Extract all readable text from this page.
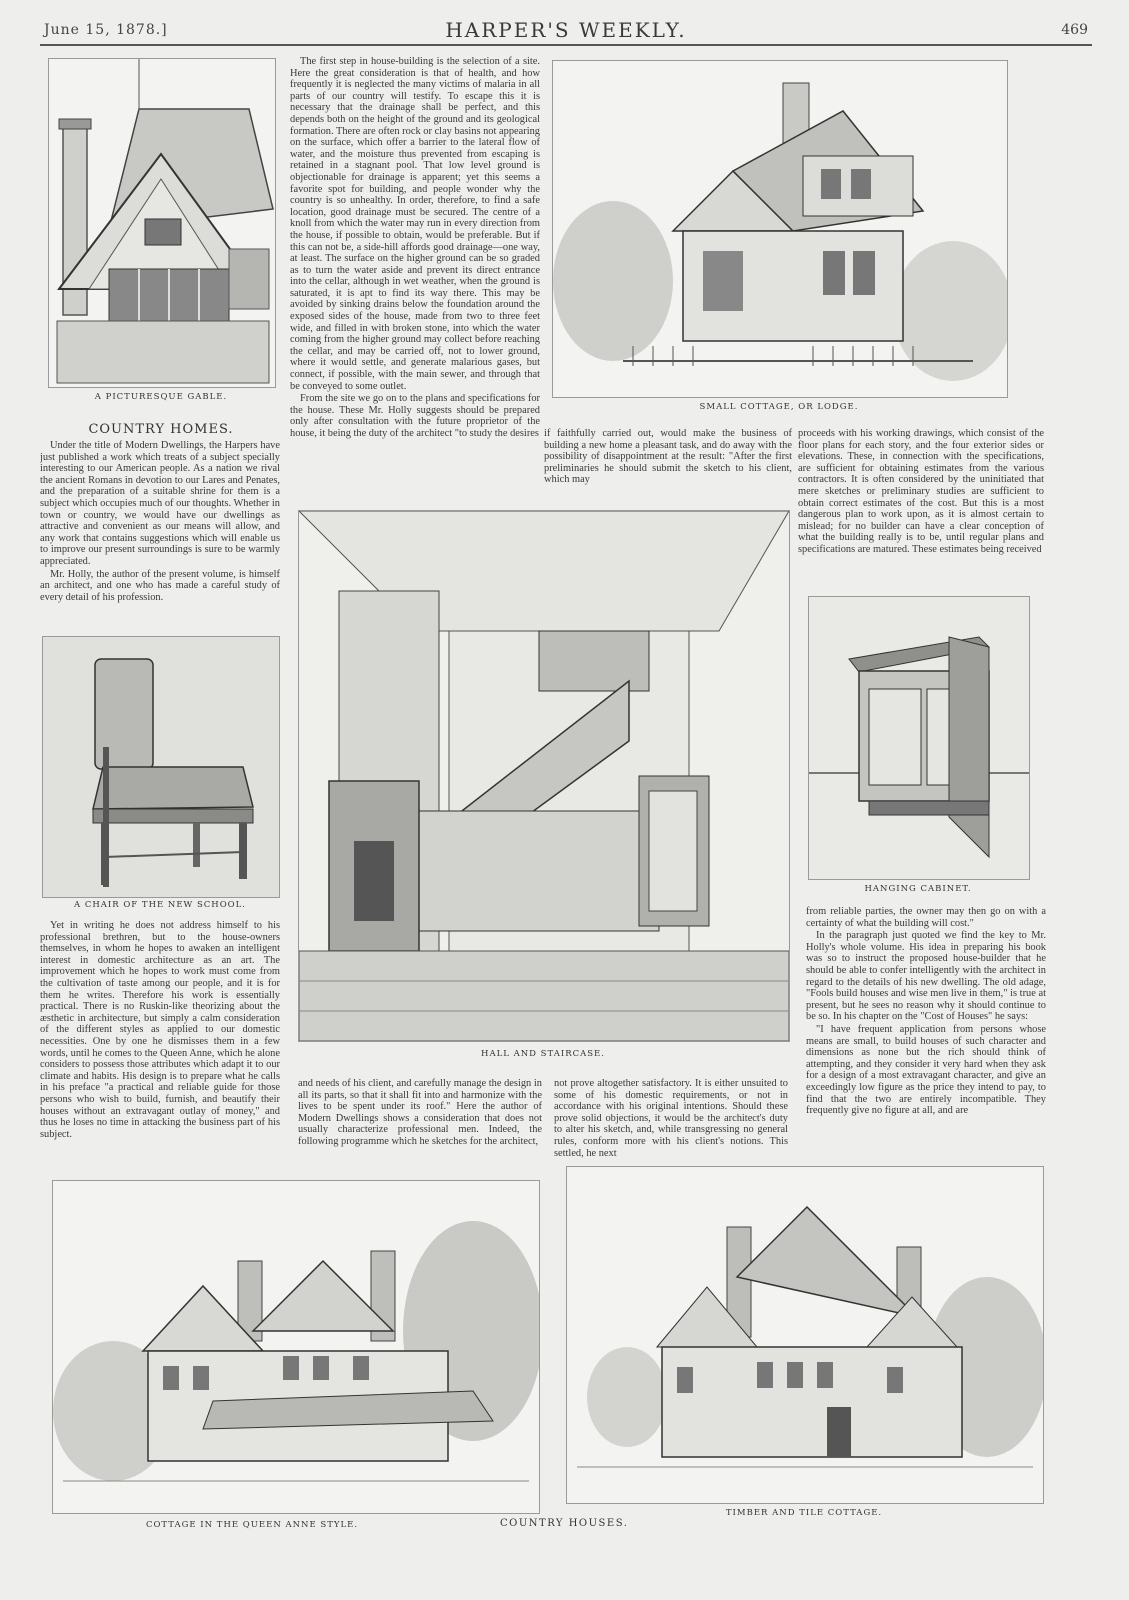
June 15, 1878.]	HARPER'S WEEKLY.	469
A PICTURESQUE GABLE.
COUNTRY HOMES.

Under the title of Modern Dwellings, the Harpers have just published a work which treats of a subject specially interesting to our American people. As a nation we rival the ancient Romans in devotion to our Lares and Penates, and the preparation of a suitable shrine for them is a subject which occupies much of our thoughts. Whether in town or country, we would have our dwellings as attractive and convenient as our means will allow, and any work that contains suggestions which will enable us to improve our present surroundings is sure to be warmly appreciated.

Mr. Holly, the author of the present volume, is himself an architect, and one who has made a careful study of every detail of his profession.

A CHAIR OF THE NEW SCHOOL.

Yet in writing he does not address himself to his professional brethren, but to the house-owners themselves, in whom he hopes to awaken an intelligent interest in domestic architecture as an art. The improvement which he hopes to work must come from the cultivation of taste among our people, and it is for them he writes. Therefore his work is essentially practical. There is no Ruskin-like theorizing about the æsthetic in architecture, but simply a calm consideration of the different styles as applied to our domestic necessities. One by one he dismisses them in a few words, until he comes to the Queen Anne, which he alone considers to possess those attributes which adapt it to our climate and habits. His design is to prepare what he calls in his preface "a practical and reliable guide for those persons who wish to build, furnish, and beautify their houses without an extravagant outlay of money," and thus he loses no time in attacking the business part of his subject.

The first step in house-building is the selection of a site. Here the great consideration is that of health, and how frequently it is neglected the many victims of malaria in all parts of our country will testify. To escape this it is necessary that the drainage shall be perfect, and this depends both on the height of the ground and its geological formation. There are often rock or clay basins not appearing on the surface, which offer a barrier to the lateral flow of water, and the moisture thus prevented from escaping is retained in a stagnant pool. That low level ground is objectionable for drainage is apparent; yet this seems a favorite spot for building, and people wonder why the country is so unhealthy. In order, therefore, to find a safe location, good drainage must be secured. The centre of a knoll from which the water may run in every direction from the house, if possible to obtain, would be preferable. But if this can not be, a side-hill affords good drainage—one way, at least. The surface on the higher ground can be so graded as to turn the water aside and prevent its direct entrance into the cellar, although in wet weather, when the ground is saturated, it is apt to find its way there. This may be avoided by sinking drains below the foundation around the exposed sides of the house, made from two to three feet wide, and filled in with broken stone, into which the water coming from the higher ground may collect before reaching the cellar, and may be carried off, not to lower ground, where it would settle, and generate malarious gases, but connect, if possible, with the main sewer, and through that be conveyed to some outlet.

From the site we go on to the plans and specifications for the house. These Mr. Holly suggests should be prepared only after consultation with the future proprietor of the house, it being the duty of the architect "to study the desires

SMALL COTTAGE, OR LODGE.

if faithfully carried out, would make the business of building a new home a pleasant task, and do away with the possibility of disappointment at the result: "After the first preliminaries he should submit the sketch to his client, which may

proceeds with his working drawings, which consist of the floor plans for each story, and the four exterior sides or elevations. These, in connection with the specifications, are sufficient for obtaining estimates from the various contractors. It is often considered by the uninitiated that mere sketches or preliminary studies are sufficient to obtain correct estimates of the cost. But this is a most dangerous plan to work upon, as it is almost certain to mislead; for no builder can have a clear conception of what the building really is to be, until regular plans and specifications are matured. These estimates being received

HALL AND STAIRCASE.
HANGING CABINET.

from reliable parties, the owner may then go on with a certainty of what the building will cost."

In the paragraph just quoted we find the key to Mr. Holly's whole volume. His idea in preparing his book was so to instruct the proposed house-builder that he should be able to confer intelligently with the architect in regard to the details of his new dwelling. The old adage, "Fools build houses and wise men live in them," is true at present, but he sees no reason why it should continue to be so. In his chapter on the "Cost of Houses" he says:

"I have frequent application from persons whose means are small, to build houses of such character and dimensions as none but the rich should think of attempting, and they consider it very hard when they ask for a design of a most extravagant character, and give an exceedingly low figure as the price they intend to pay, to find that the two are entirely incompatible. They frequently give no figure at all, and are

and needs of his client, and carefully manage the design in all its parts, so that it shall fit into and harmonize with the lives to be spent under its roof." Here the author of Modern Dwellings shows a consideration that does not usually characterize professional men. Indeed, the following programme which he sketches for the architect,

not prove altogether satisfactory. It is either unsuited to some of his domestic requirements, or not in accordance with his original intentions. Should these prove solid objections, it would be the architect's duty to alter his sketch, and, while transgressing no general rules, conform more with his client's notions. This settled, he next

COTTAGE IN THE QUEEN ANNE STYLE.	COUNTRY HOUSES.
TIMBER AND TILE COTTAGE.
